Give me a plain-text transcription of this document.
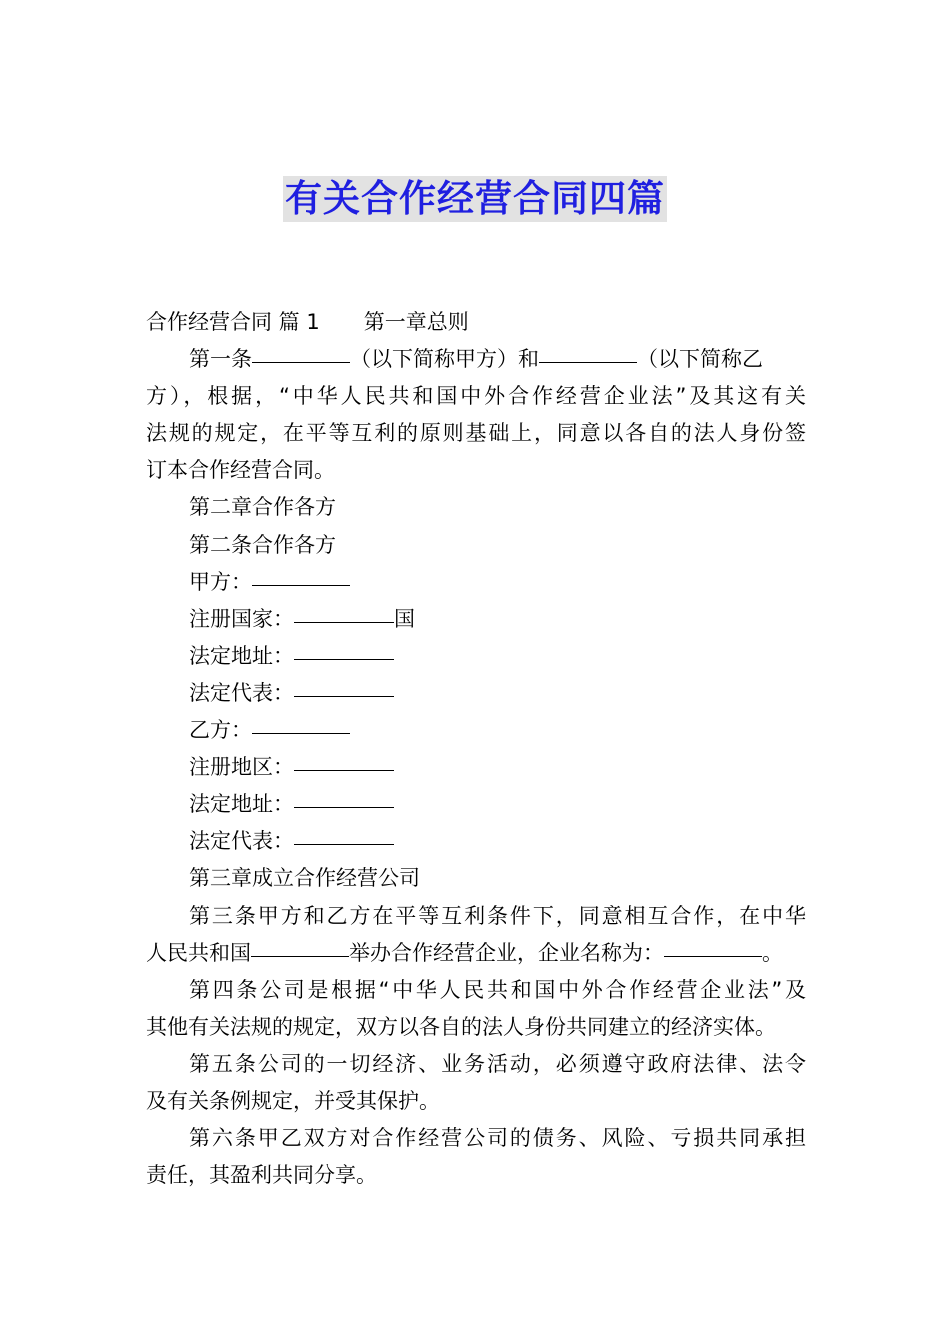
有关合作经营合同四篇
合作经营合同 篇 1 第一章总则
第一条	（以下简称甲方）和	（以下简称乙
方），根据，“中华人民共和国中外合作经营企业法”及其这有关
法规的规定，在平等互利的原则基础上，同意以各自的法人身份签
订本合作经营合同。
第二章合作各方
第二条合作各方
甲方：
注册国家：	国
法定地址：
法定代表：
乙方：
注册地区：
法定地址：
法定代表：
第三章成立合作经营公司
第三条甲方和乙方在平等互利条件下，同意相互合作，在中华
人民共和国	举办合作经营企业，企业名称为：	。
第四条公司是根据“中华人民共和国中外合作经营企业法”及
其他有关法规的规定，双方以各自的法人身份共同建立的经济实体。
第五条公司的一切经济、业务活动，必须遵守政府法律、法令
及有关条例规定，并受其保护。
第六条甲乙双方对合作经营公司的债务、风险、亏损共同承担
责任，其盈利共同分享。
